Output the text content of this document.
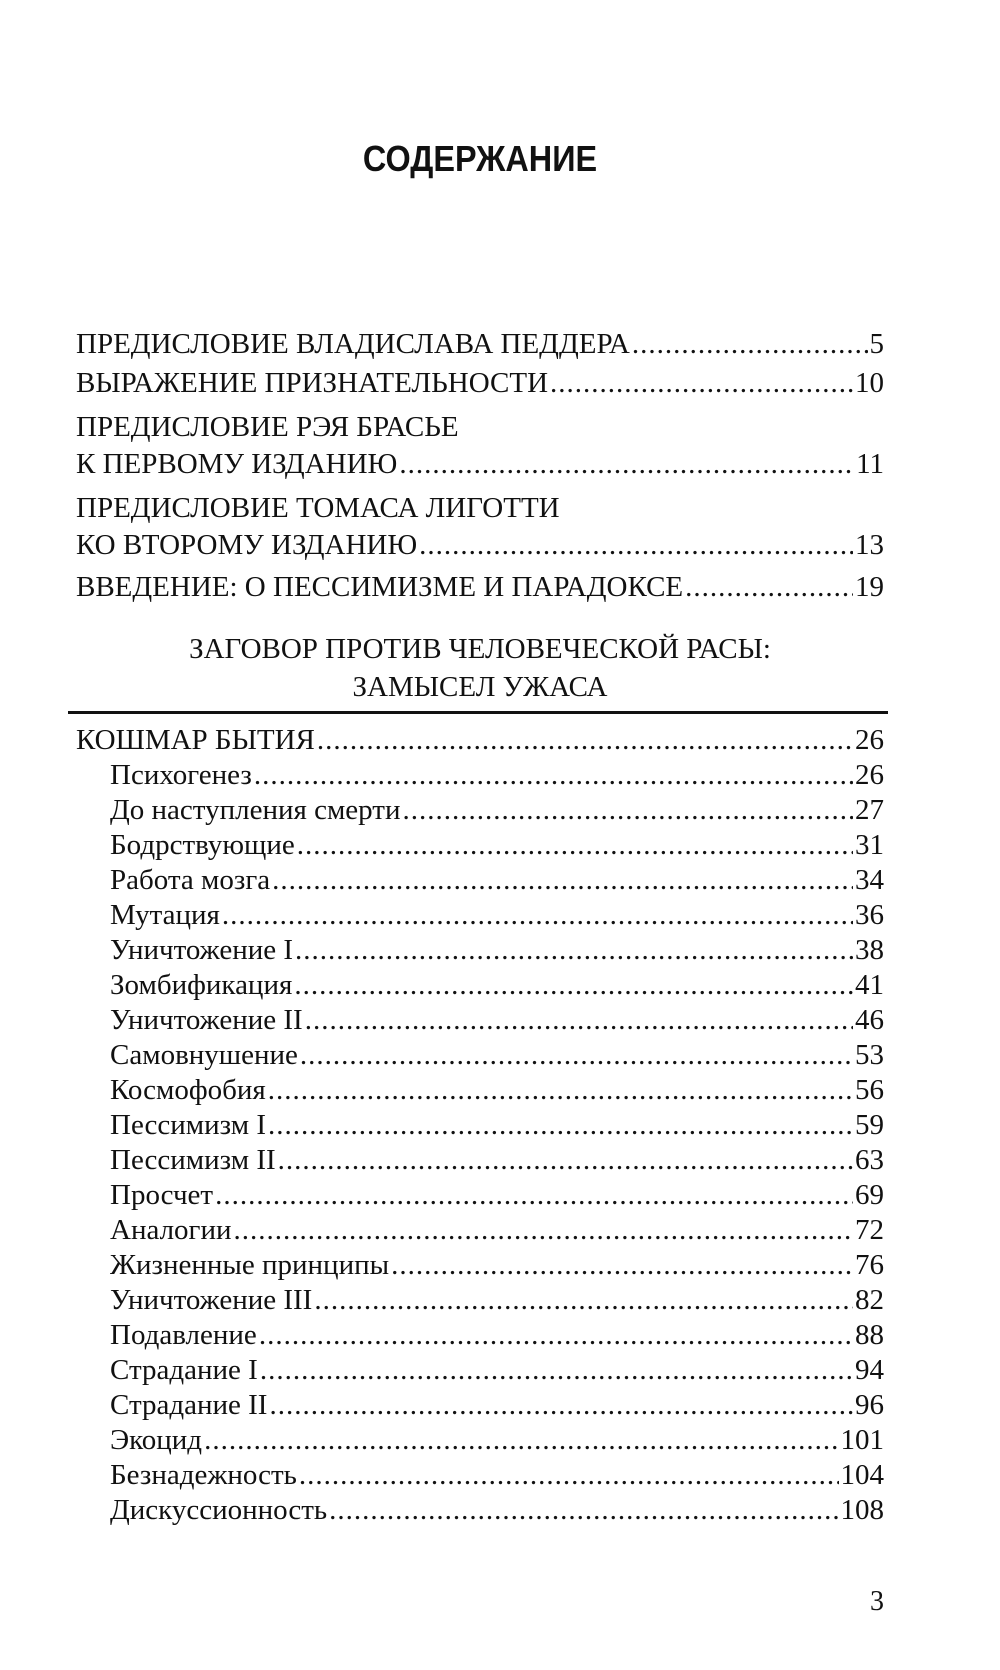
СОДЕРЖАНИЕ
ПРЕДИСЛОВИЕ ВЛАДИСЛАВА ПЕДДЕРА .....	5
ВЫРАЖЕНИЕ ПРИЗНАТЕЛЬНОСТИ .....	10
ПРЕДИСЛОВИЕ РЭЯ БРАСЬЕ
К ПЕРВОМУ ИЗДАНИЮ .....	11
ПРЕДИСЛОВИЕ ТОМАСА ЛИГОТТИ
КО ВТОРОМУ ИЗДАНИЮ .....	13
ВВЕДЕНИЕ: О ПЕССИМИЗМЕ И ПАРАДОКСЕ .....	19
ЗАГОВОР ПРОТИВ ЧЕЛОВЕЧЕСКОЙ РАСЫ:
ЗАМЫСЕЛ УЖАСА
КОШМАР БЫТИЯ .....	26
Психогенез .....	26
До наступления смерти .....	27
Бодрствующие .....	31
Работа мозга .....	34
Мутация .....	36
Уничтожение I .....	38
Зомбификация .....	41
Уничтожение II .....	46
Самовнушение .....	53
Космофобия .....	56
Пессимизм I .....	59
Пессимизм II .....	63
Просчет .....	69
Аналогии .....	72
Жизненные принципы .....	76
Уничтожение III .....	82
Подавление .....	88
Страдание I .....	94
Страдание II .....	96
Экоцид .....	101
Безнадежность .....	104
Дискуссионность .....	108
3
